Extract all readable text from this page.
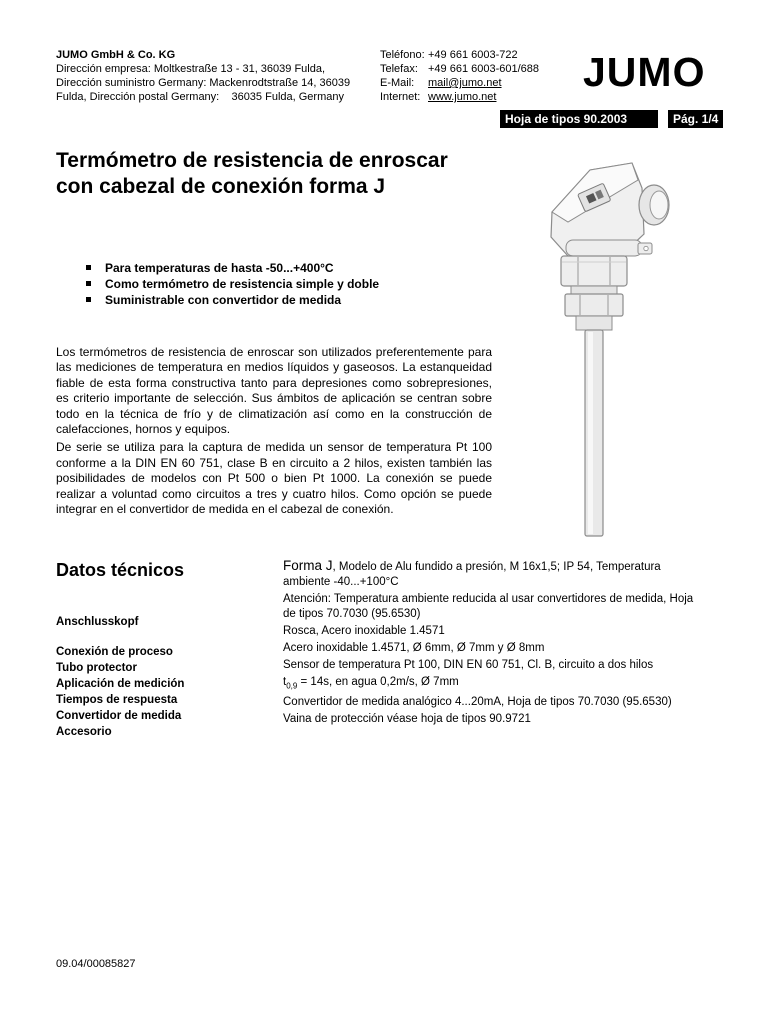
JUMO GmbH & Co. KG
Dirección empresa: Moltkestraße 13 - 31, 36039 Fulda,
Dirección suministro Germany: Mackenrodtstraße 14, 36039
Fulda, Dirección postal Germany:    36035 Fulda, Germany
Teléfono: +49 661 6003-722
Telefax: +49 661 6003-601/688
E-Mail:	mail@jumo.net
Internet: www.jumo.net
JUMO
Hoja de tipos 90.2003	Pág. 1/4
Termómetro de resistencia de enroscar con cabezal de conexión forma J
Para temperaturas de hasta -50...+400°C
Como termómetro de resistencia simple y doble
Suministrable con convertidor de medida

Los termómetros de resistencia de enroscar son utilizados preferentemente para las mediciones de temperatura en medios líquidos y gaseosos. La estanqueidad fiable de esta forma constructiva tanto para depresiones como sobrepresiones, es criterio importante de selección. Sus ámbitos de aplicación se centran sobre todo en la técnica de frío y de climatización así como en la construcción de calefacciones, hornos y equipos.

De serie se utiliza para la captura de medida un sensor de temperatura Pt 100 conforme a la DIN EN 60 751, clase B en circuito a 2 hilos, existen también las posibilidades de modelos con Pt 500 o bien Pt 1000. La conexión se puede realizar a voluntad como circuitos a tres y cuatro hilos. Como opción se puede integrar en el convertidor de medida en el cabezal de conexión.

Datos técnicos
Anschlusskopf
Conexión de proceso
Tubo protector
Aplicación de medición
Tiempos de respuesta
Convertidor de medida
Accesorio
Forma J, Modelo de Alu fundido a presión, M 16x1,5; IP 54, Temperatura ambiente -40...+100°C
Atención: Temperatura ambiente reducida al usar convertidores de medida, Hoja de tipos 70.7030 (95.6530)
Rosca, Acero inoxidable 1.4571
Acero inoxidable 1.4571, Ø 6mm, Ø 7mm y Ø 8mm
Sensor de temperatura Pt 100, DIN EN 60 751, Cl. B, circuito a dos hilos
$t_{0,9} = 14s$, en agua 0,2m/s, Ø 7mm
Convertidor de medida analógico 4...20mA, Hoja de tipos 70.7030 (95.6530)
Vaina de protección véase hoja de tipos 90.9721
09.04/00085827
